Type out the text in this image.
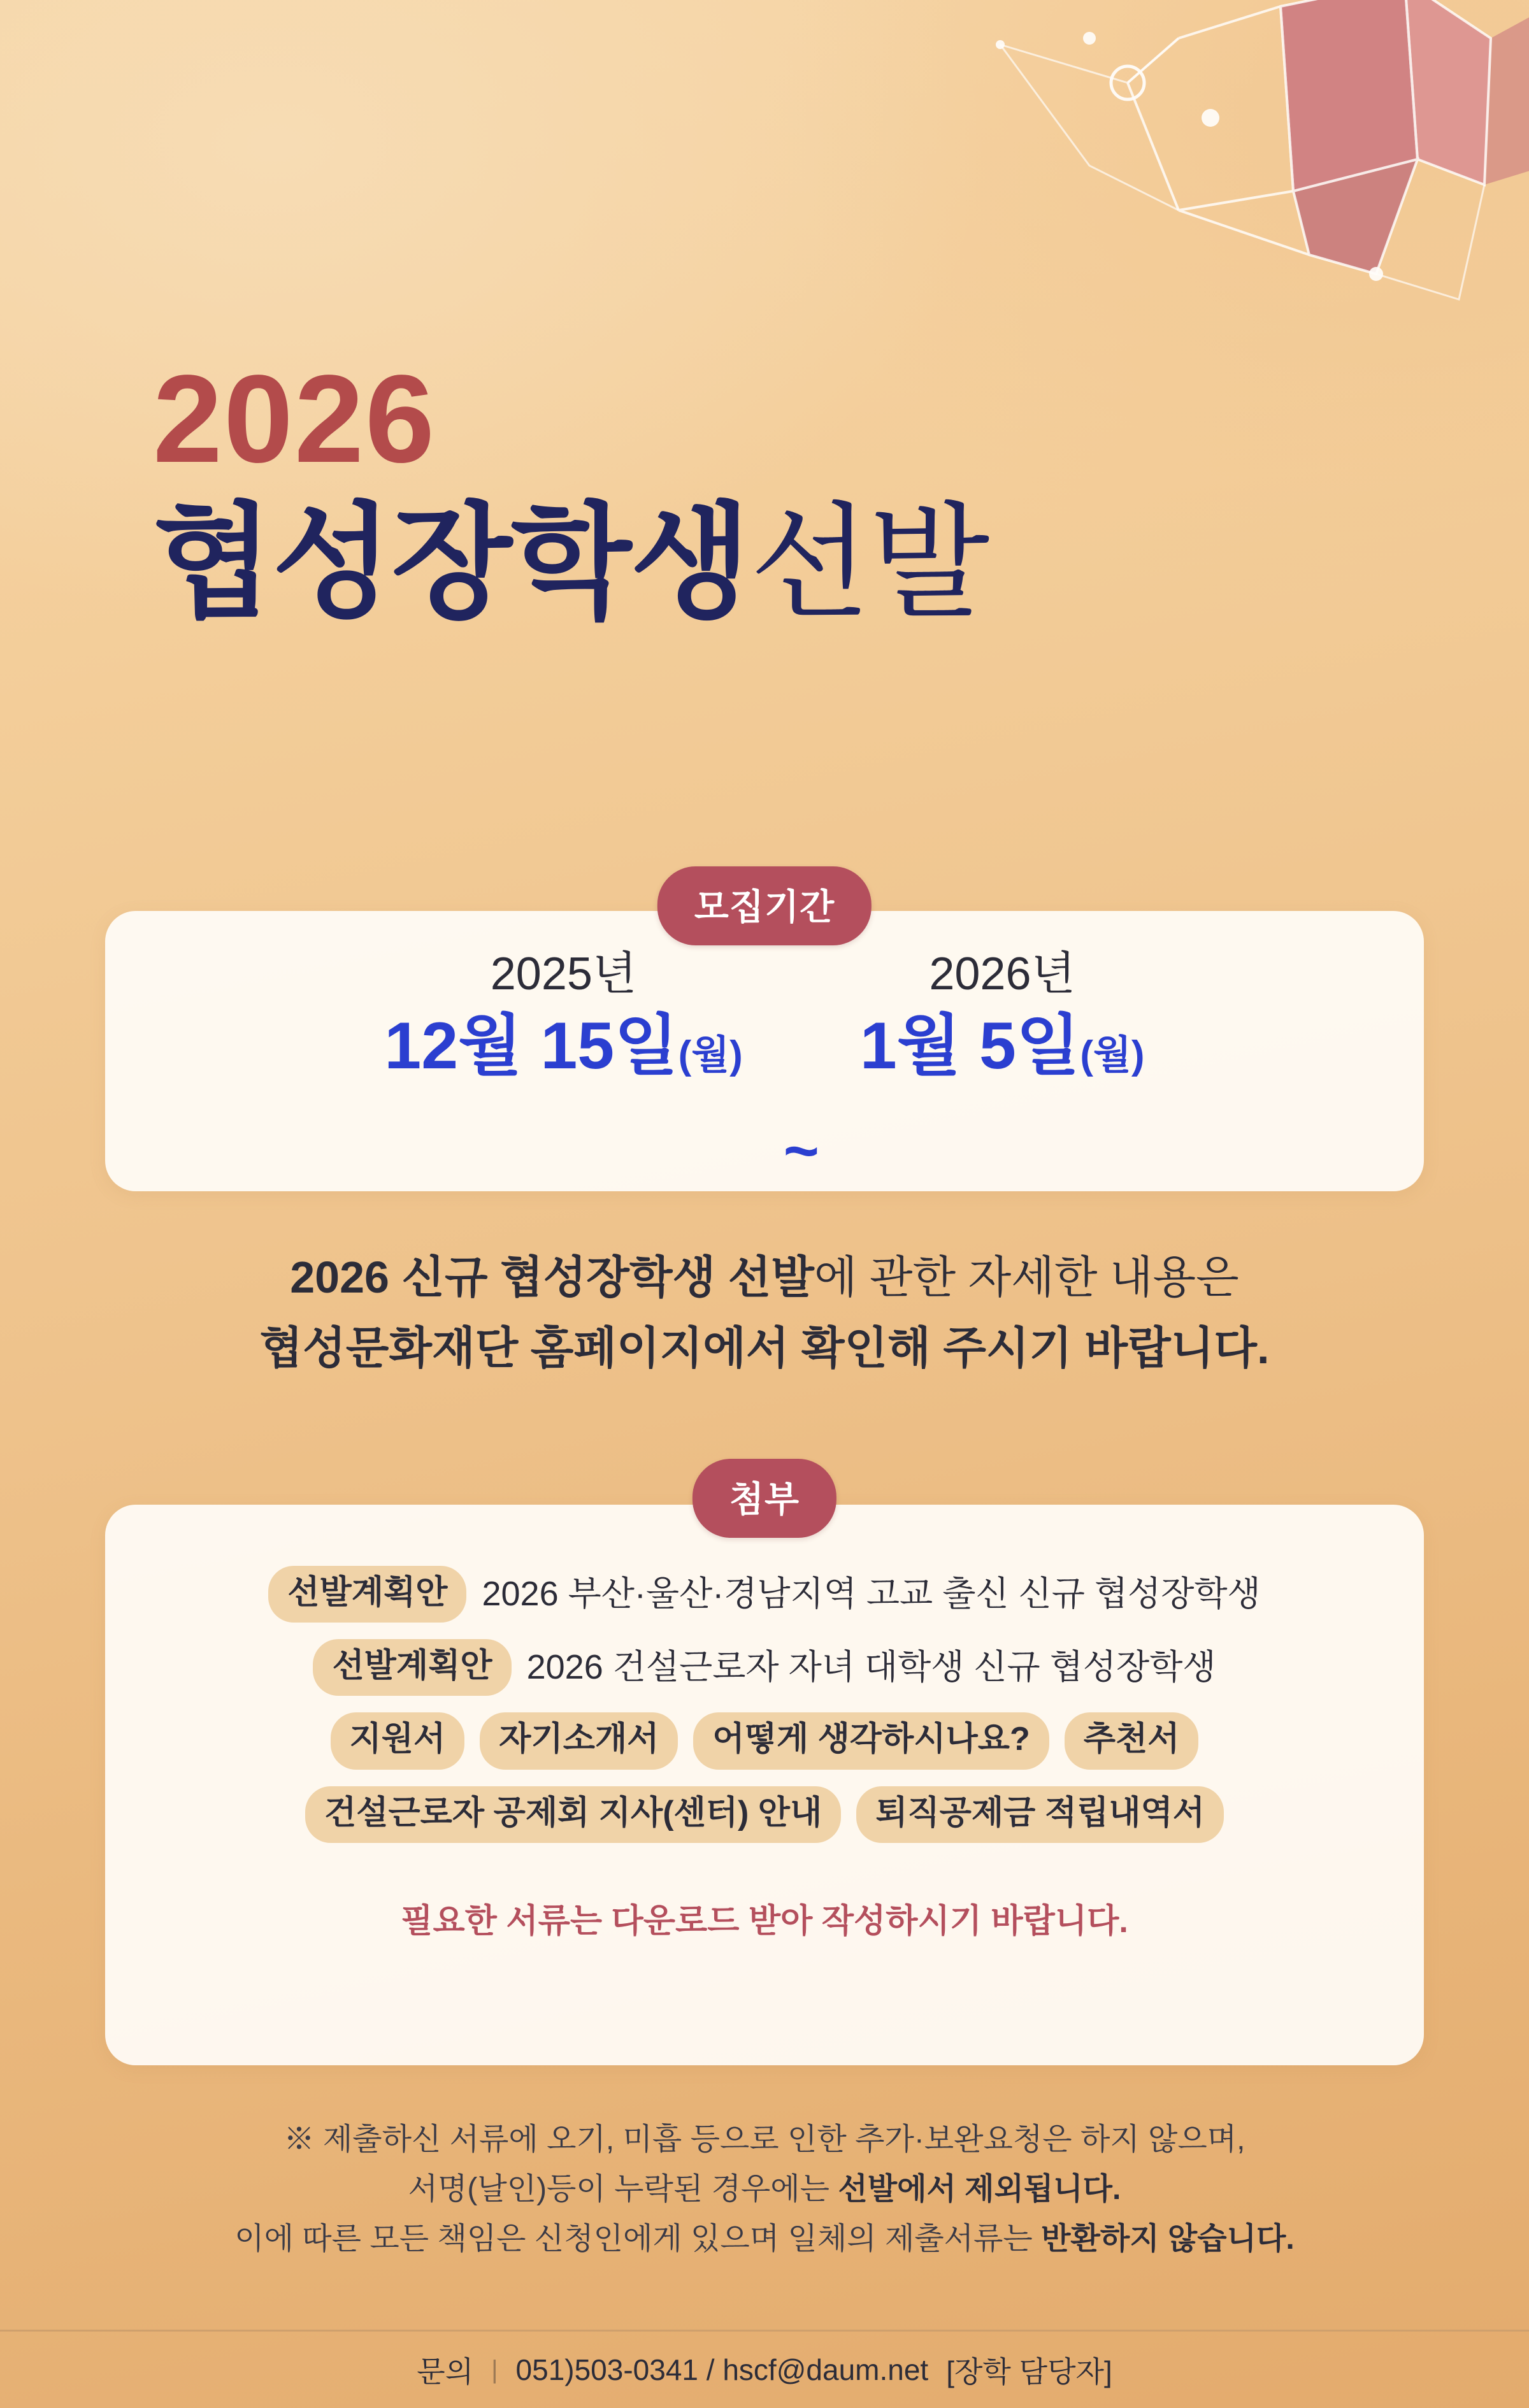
2026
협성장학생선발
모집기간
2025년
12월 15일(월)
~
2026년
1월 5일(월)
2026 신규 협성장학생 선발에 관한 자세한 내용은
협성문화재단 홈페이지에서 확인해 주시기 바랍니다.
첨부
선발계획안	2026 부산·울산·경남지역 고교 출신 신규 협성장학생
선발계획안	2026 건설근로자 자녀 대학생 신규 협성장학생
지원서	자기소개서	어떻게 생각하시나요?	추천서
건설근로자 공제회 지사(센터) 안내	퇴직공제금 적립내역서
필요한 서류는 다운로드 받아 작성하시기 바랍니다.
※ 제출하신 서류에 오기, 미흡 등으로 인한 추가·보완요청은 하지 않으며,
서명(날인)등이 누락된 경우에는 선발에서 제외됩니다.
이에 따른 모든 책임은 신청인에게 있으며 일체의 제출서류는 반환하지 않습니다.
문의 | 051)503-0341 / hscf@daum.net [장학 담당자]
